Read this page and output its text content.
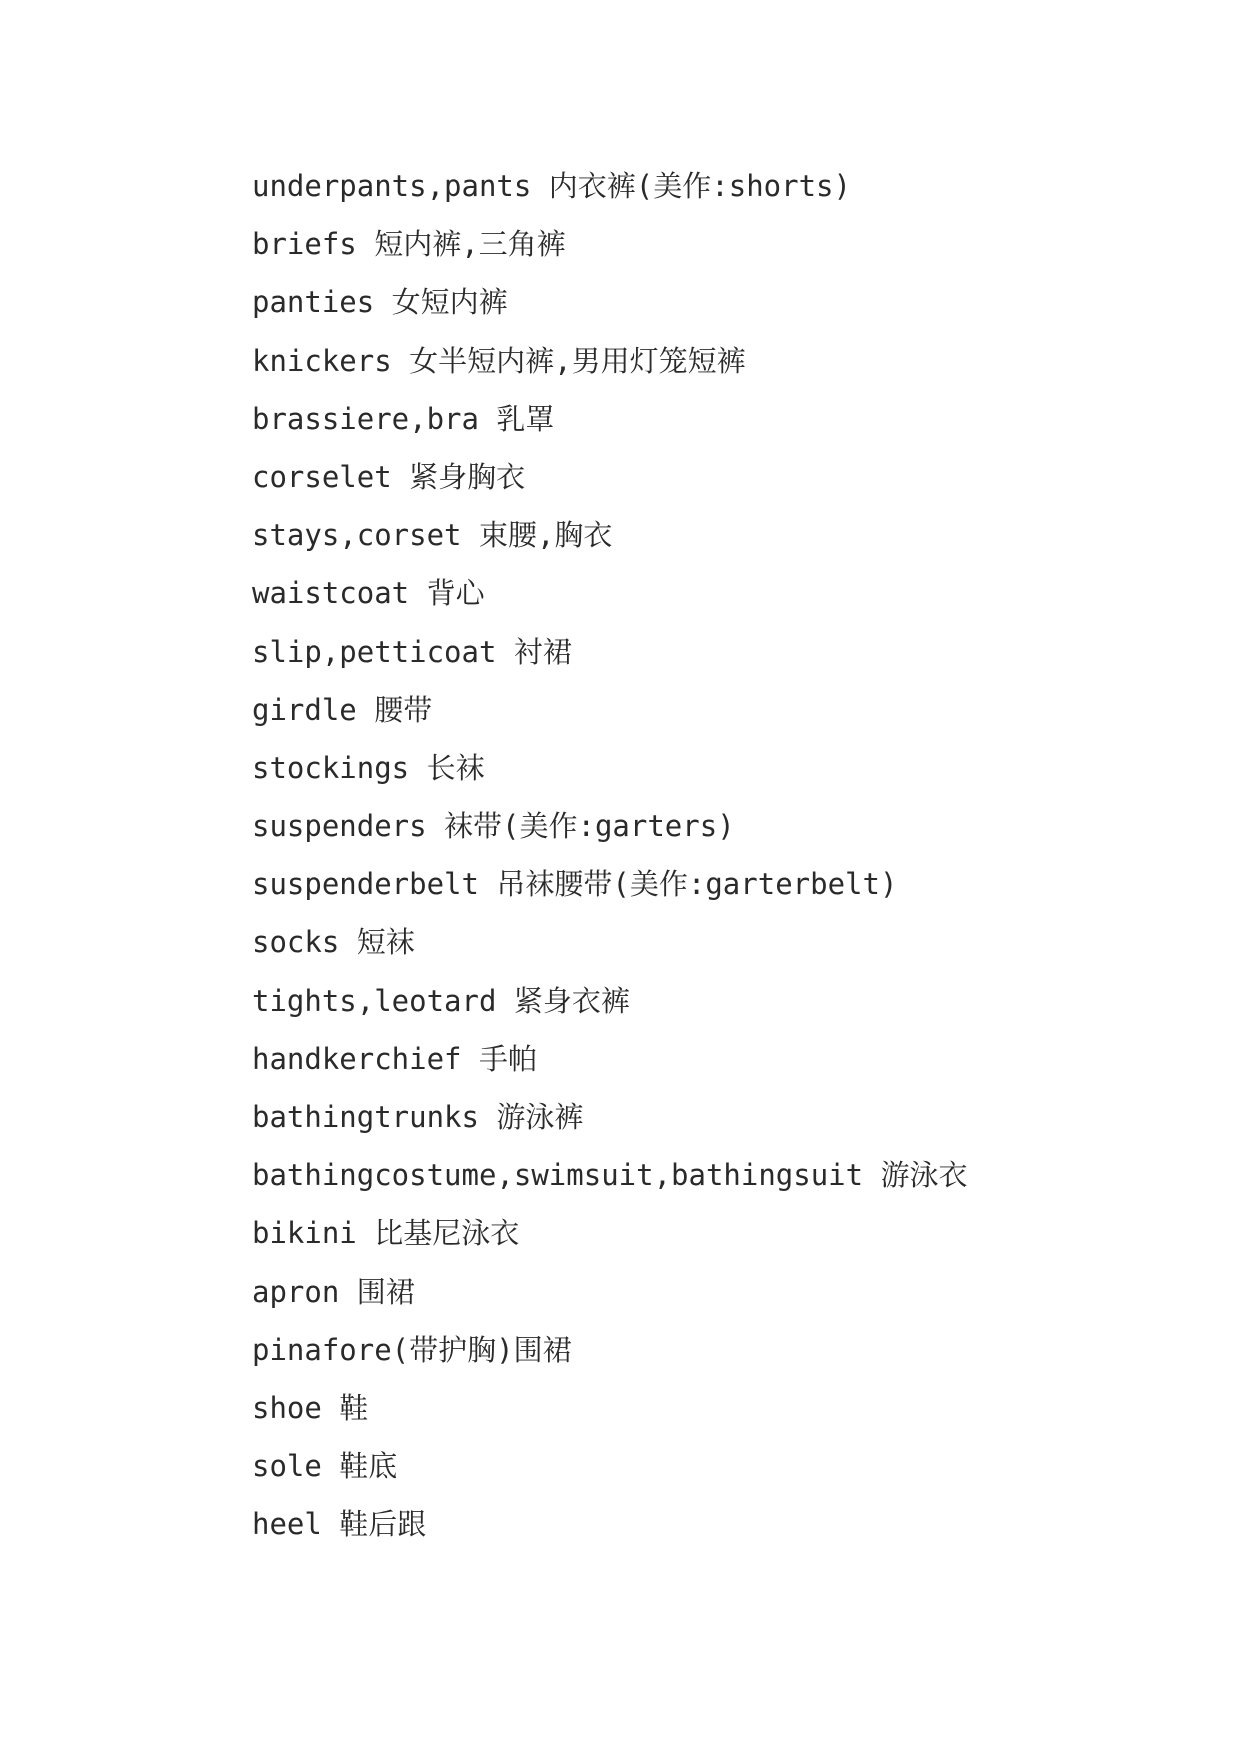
underpants,pants 内衣裤(美作:shorts)
briefs 短内裤,三角裤
panties 女短内裤
knickers 女半短内裤,男用灯笼短裤
brassiere,bra 乳罩
corselet 紧身胸衣
stays,corset 束腰,胸衣
waistcoat 背心
slip,petticoat 衬裙
girdle 腰带
stockings 长袜
suspenders 袜带(美作:garters)
suspenderbelt 吊袜腰带(美作:garterbelt)
socks 短袜
tights,leotard 紧身衣裤
handkerchief 手帕
bathingtrunks 游泳裤
bathingcostume,swimsuit,bathingsuit 游泳衣
bikini 比基尼泳衣
apron 围裙
pinafore(带护胸)围裙
shoe 鞋
sole 鞋底
heel 鞋后跟
